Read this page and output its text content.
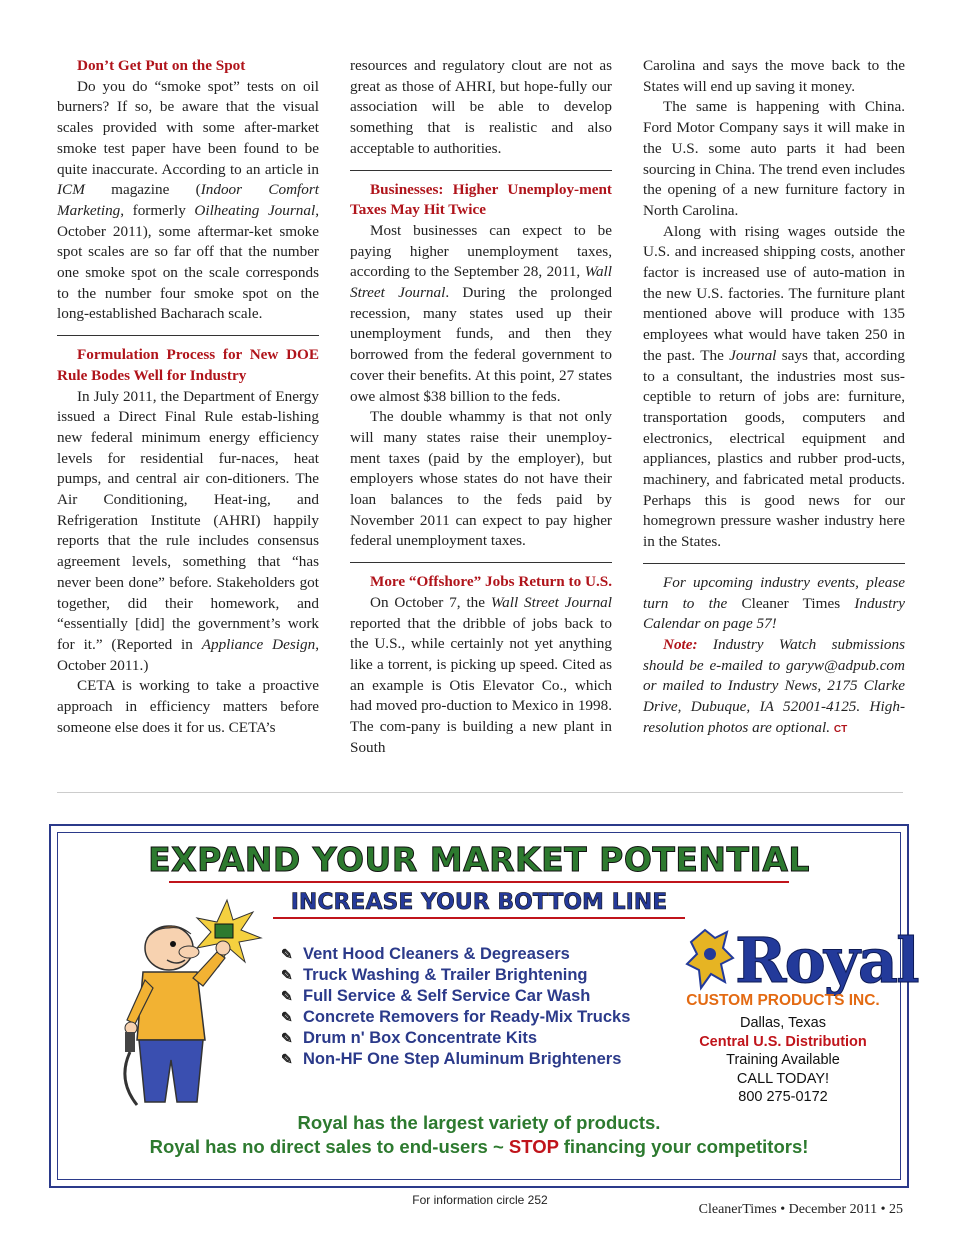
Don’t Get Put on the Spot

Do you do “smoke spot” tests on oil burners? If so, be aware that the visual scales provided with some after-market smoke test paper have been found to be quite inaccurate. According to an article in ICM magazine (Indoor Comfort Marketing, formerly Oilheating Journal, October 2011), some aftermar-ket smoke spot scales are so far off that the number one smoke spot on the scale corresponds to the number four smoke spot on the long-established Bacharach scale.

Formulation Process for New DOE Rule Bodes Well for Industry

In July 2011, the Department of Energy issued a Direct Final Rule estab-lishing new federal minimum energy efficiency levels for residential fur-naces, heat pumps, and central air con-ditioners. The Air Conditioning, Heat-ing, and Refrigeration Institute (AHRI) happily reports that the rule includes consensus agreement levels, something that “has never been done” before. Stakeholders got together, did their homework, and “essentially [did] the government’s work for it.” (Reported in Appliance Design, October 2011.)

CETA is working to take a proactive approach in efficiency matters before someone else does it for us. CETA’s

resources and regulatory clout are not as great as those of AHRI, but hope-fully our association will be able to develop something that is realistic and also acceptable to authorities.

Businesses: Higher Unemploy-ment Taxes May Hit Twice

Most businesses can expect to be paying higher unemployment taxes, according to the September 28, 2011, Wall Street Journal. During the prolonged recession, many states used up their unemployment funds, and then they borrowed from the federal government to cover their benefits. At this point, 27 states owe almost $38 billion to the feds.

The double whammy is that not only will many states raise their unemploy-ment taxes (paid by the employer), but employers whose states do not have their loan balances to the feds paid by November 2011 can expect to pay higher federal unemployment taxes.

More “Offshore” Jobs Return to U.S.

On October 7, the Wall Street Journal reported that the dribble of jobs back to the U.S., while certainly not yet anything like a torrent, is picking up speed. Cited as an example is Otis Elevator Co., which had moved pro-duction to Mexico in 1998. The com-pany is building a new plant in South

Carolina and says the move back to the States will end up saving it money.

The same is happening with China. Ford Motor Company says it will make in the U.S. some auto parts it had been sourcing in China. The trend even includes the opening of a new furniture factory in North Carolina.

Along with rising wages outside the U.S. and increased shipping costs, another factor is increased use of auto-mation in the new U.S. factories. The furniture plant mentioned above will produce with 135 employees what would have taken 250 in the past. The Journal says that, according to a consultant, the industries most sus-ceptible to return of jobs are: furniture, transportation goods, computers and electronics, electrical equipment and appliances, plastics and rubber prod-ucts, machinery, and fabricated metal products. Perhaps this is good news for our homegrown pressure washer industry here in the States.

For upcoming industry events, please turn to the Cleaner Times Industry Calendar on page 57!

Note: Industry Watch submissions should be e-mailed to garyw@adpub.com or mailed to Industry News, 2175 Clarke Drive, Dubuque, IA 52001-4125. High-resolution photos are optional. CT

EXPAND YOUR MARKET POTENTIAL
INCREASE YOUR BOTTOM LINE
✎ Vent Hood Cleaners & Degreasers
✎ Truck Washing & Trailer Brightening
✎ Full Service & Self Service Car Wash
✎ Concrete Removers for Ready-Mix Trucks
✎ Drum n' Box Concentrate Kits
✎ Non-HF One Step Aluminum Brighteners
Royal
CUSTOM PRODUCTS INC.
Dallas, Texas
Central U.S. Distribution
Training Available
CALL TODAY!
800 275-0172
Royal has the largest variety of products.
Royal has no direct sales to end-users ~ STOP financing your competitors!
For information circle 252
CleanerTimes • December 2011 • 25
